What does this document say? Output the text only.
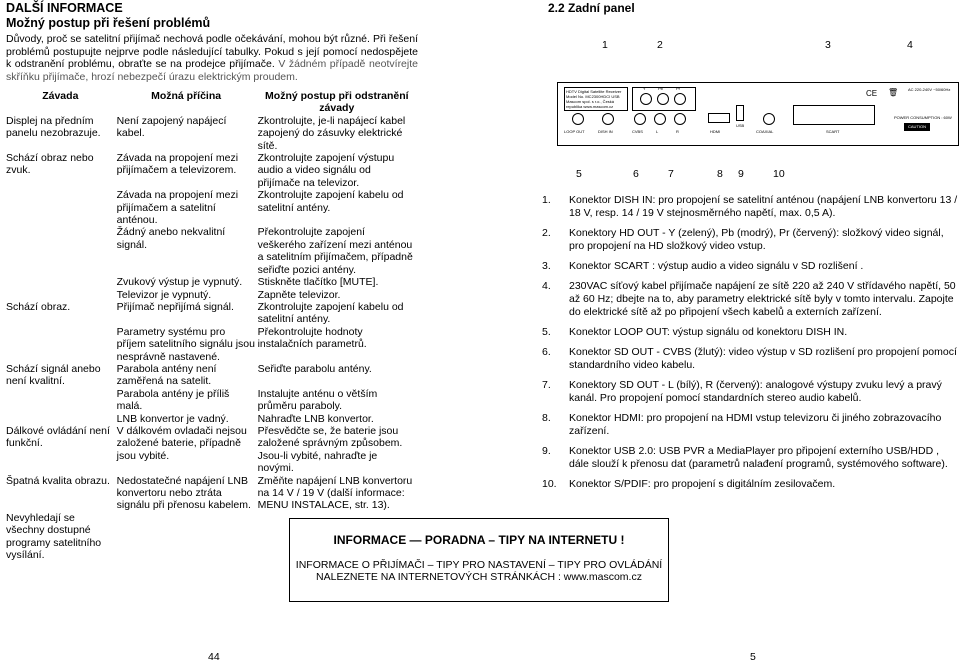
DALŠÍ INFORMACE
Možný postup při řešení problémů
Důvody, proč se satelitní přijímač nechová podle očekávání, mohou být různé. Při řešení problémů postupujte nejprve podle následující tabulky. Pokud s její pomocí nedospějete k odstranění problému, obraťte se na prodejce přijímače. V žádném případě neotvírejte skříňku přijímače, hrozí nebezpečí úrazu elektrickým proudem.
Závada	Možná příčina	Možný postup při odstranění závady
Displej na předním panelu nezobrazuje.	Není zapojený napájecí kabel.	Zkontrolujte, je-li napájecí kabel zapojený do zásuvky elektrické sítě.
Schází obraz nebo zvuk.	Závada na propojení mezi přijímačem a televizorem.	Zkontrolujte zapojení výstupu audio a video signálu od přijímače na televizor.
	Závada na propojení mezi přijímačem a satelitní anténou.	Zkontrolujte zapojení kabelu od satelitní antény.
	Žádný anebo nekvalitní signál.	Překontrolujte zapojení veškerého zařízení mezi anténou a satelitním přijímačem, případně seřiďte pozici antény.
	Zvukový výstup je vypnutý.	Stiskněte tlačítko [MUTE].
	Televizor je vypnutý.	Zapněte televizor.
Schází obraz.	Přijímač nepřijímá signál.	Zkontrolujte zapojení kabelu od satelitní antény.
	Parametry systému pro příjem satelitního signálu jsou nesprávně nastavené.	Překontrolujte hodnoty instalačních parametrů.
Schází signál anebo není kvalitní.	Parabola antény není zaměřená na satelit.	Seřiďte parabolu antény.
	Parabola antény je příliš malá.	Instalujte anténu o větším průměru paraboly.
	LNB konvertor je vadný.	Nahraďte LNB konvertor.
Dálkové ovládání není funkční.	V dálkovém ovladači nejsou založené baterie, případně jsou vybité.	Přesvědčte se, že baterie jsou založené správným způsobem. Jsou-li vybité, nahraďte je novými.
Špatná kvalita obrazu.	Nedostatečné napájení LNB konvertoru nebo ztráta signálu při přenosu kabelem.	Změňte napájení LNB konvertoru na 14 V / 19 V (další informace: MENU INSTALACE, str. 13).
Nevyhledají se všechny dostupné programy satelitního vysílání.		
44
2.2 Zadní panel
1	2	3	4
HDTV Digital Satellite Receiver Model No. MC2300HDCI USB
Mascom spol. s r.o., Česká republika www.mascom.cz
Y	Pb	Pr
LOOP OUT	DISH IN	CVBS	L	R	HDMI
USB
COAXIAL	SCART
CE 🗑 AC 220-240V ~50/60Hz
POWER CONSUMPTION : 60W
CAUTION
5	6	7	8 9	10
1. Konektor DISH IN: pro propojení se satelitní anténou (napájení LNB konvertoru 13 / 18 V, resp. 14 / 19 V stejnosměrného napětí, max. 0,5 A).
2. Konektory HD OUT - Y (zelený), Pb (modrý), Pr (červený): složkový video signál, pro propojení na HD složkový video vstup.
3. Konektor SCART : výstup audio a video signálu v SD rozlišení .
4. 230VAC síťový kabel přijímače napájení ze sítě 220 až 240 V střídavého napětí, 50 až 60 Hz; dbejte na to, aby parametry elektrické sítě byly v tomto intervalu. Zapojte do elektrické sítě až po připojení všech kabelů a externích zařízení.
5. Konektor LOOP OUT: výstup signálu od konektoru DISH IN.
6. Konektor SD OUT - CVBS (žlutý): video výstup v SD rozlišení pro propojení pomocí standardního video kabelu.
7. Konektory SD OUT - L (bílý), R (červený): analogové výstupy zvuku levý a pravý kanál. Pro propojení pomocí standardních stereo audio kabelů.
8. Konektor HDMI: pro propojení na HDMI vstup televizoru či jiného zobrazovacího zařízení.
9. Konektor USB 2.0: USB PVR a MediaPlayer pro připojení externího USB/HDD , dále slouží k přenosu dat (parametrů nalađení programů, systémového software).
10. Konektor S/PDIF: pro propojení s digitálním zesilovačem.
5
INFORMACE — PORADNA – TIPY NA INTERNETU !
INFORMACE O PŘIJÍMAČI – TIPY PRO NASTAVENÍ – TIPY PRO OVLÁDÁNÍ
NALEZNETE NA INTERNETOVÝCH STRÁNKÁCH : www.mascom.cz
